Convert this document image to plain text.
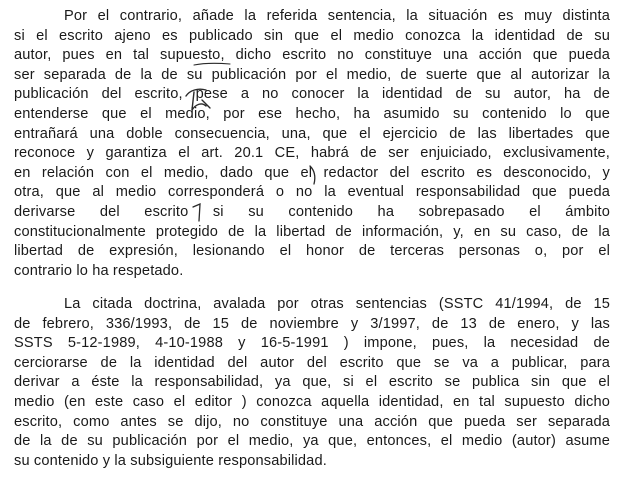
Por el contrario, añade la referida sentencia, la situación es muy distinta
si el escrito ajeno es publicado sin que el medio conozca la identidad de su
autor, pues en tal supuesto, dicho escrito no constituye una acción que pueda
ser separada de la de su publicación por el medio, de suerte que al autorizar la
publicación del escrito, pese a no conocer la identidad de su autor, ha de
entenderse que el medio, por ese hecho, ha asumido su contenido lo que
entrañará una doble consecuencia, una, que el ejercicio de las libertades que
reconoce y garantiza el art. 20.1 CE, habrá de ser enjuiciado, exclusivamente,
en relación con el medio, dado que el redactor del escrito es desconocido, y
otra, que al medio corresponderá o no la eventual responsabilidad que pueda
derivarse del escrito si su contenido ha sobrepasado el ámbito
constitucionalmente protegido de la libertad de información, y, en su caso, de la
libertad de expresión, lesionando el honor de terceras personas o, por el
contrario lo ha respetado.
La citada doctrina, avalada por otras sentencias (SSTC 41/1994, de 15
de febrero, 336/1993, de 15 de noviembre y 3/1997, de 13 de enero, y las
SSTS 5-12-1989, 4-10-1988 y 16-5-1991 ) impone, pues, la necesidad de
cerciorarse de la identidad del autor del escrito que se va a publicar, para
derivar a éste la responsabilidad, ya que, si el escrito se publica sin que el
medio (en este caso el editor ) conozca aquella identidad, en tal supuesto dicho
escrito, como antes se dijo, no constituye una acción que pueda ser separada
de la de su publicación por el medio, ya que, entonces, el medio (autor) asume
su contenido y la subsiguiente responsabilidad.
